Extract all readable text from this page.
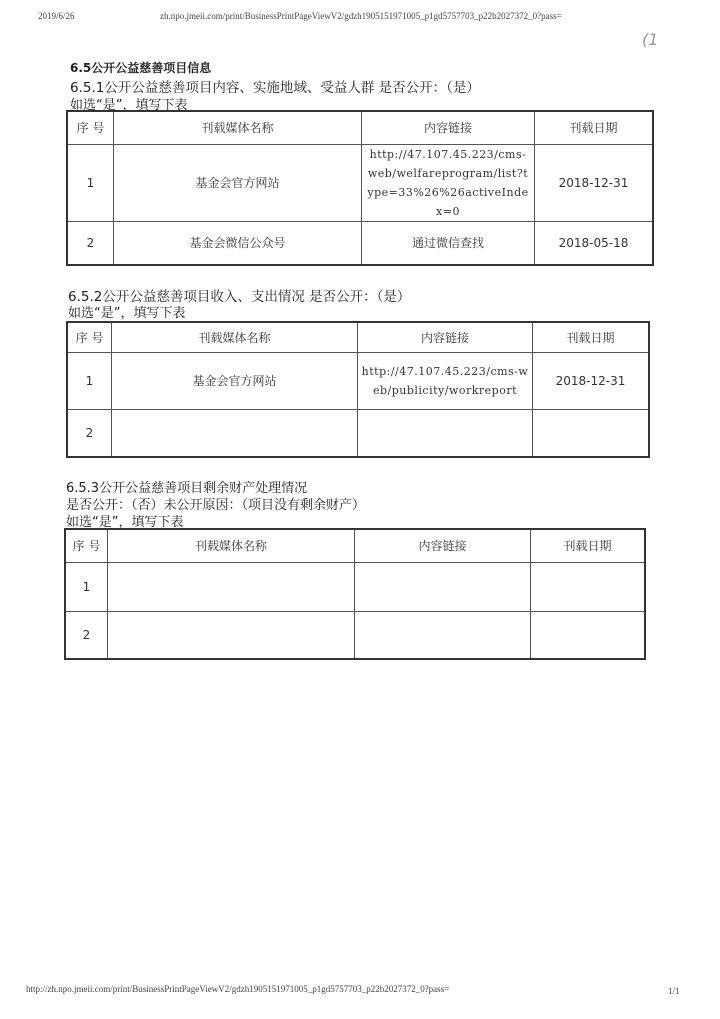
2019/6/26	zh.npo.jmeii.com/print/BusinessPrintPageViewV2/gdzh1905151971005_p1gd5757703_p22b2027372_0?pass=
(1
6.5公开公益慈善项目信息
6.5.1公开公益慈善项目内容、实施地域、受益人群 是否公开：（是）
如选“是”，填写下表
序 号	刊载媒体名称	内容链接	刊载日期
1	基金会官方网站	http://47.107.45.223/cms-web/welfareprogram/list?type=33%26%26activeIndex=0	2018-12-31
2	基金会微信公众号	通过微信查找	2018-05-18
6.5.2公开公益慈善项目收入、支出情况 是否公开：（是）
如选“是”，填写下表
序 号	刊载媒体名称	内容链接	刊载日期
1	基金会官方网站	http://47.107.45.223/cms-web/publicity/workreport	2018-12-31
2			
6.5.3公开公益慈善项目剩余财产处理情况
是否公开：（否）未公开原因：（项目没有剩余财产）
如选“是”，填写下表
序 号	刊载媒体名称	内容链接	刊载日期
1			
2			
http://zh.npo.jmeii.com/print/BusinessPrintPageViewV2/gdzh1905151971005_p1gd5757703_p22b2027372_0?pass=	1/1
